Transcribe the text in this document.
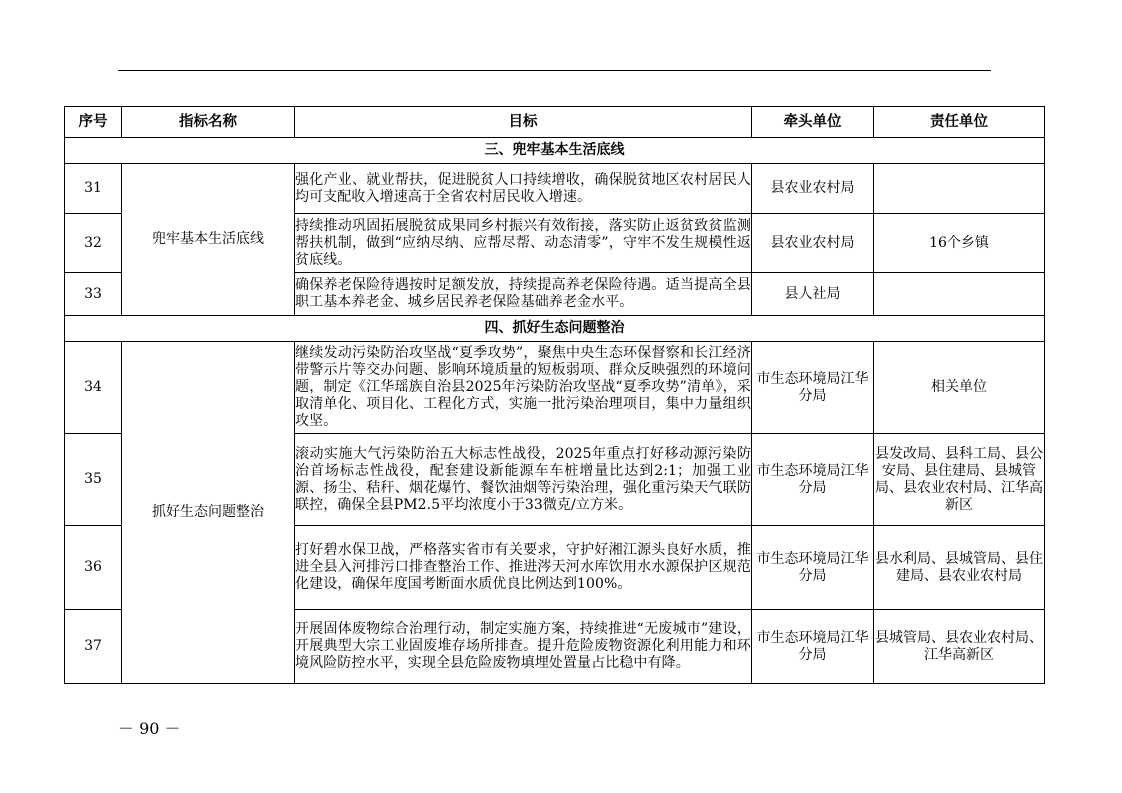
序号	指标名称	目标	牵头单位	责任单位
三、兜牢基本生活底线				
31	兜牢基本生活底线	强化产业、就业帮扶，促进脱贫人口持续增收，确保脱贫地区农村居民人均可支配收入增速高于全省农村居民收入增速。	县农业农村局	
32		持续推动巩固拓展脱贫成果同乡村振兴有效衔接，落实防止返贫致贫监测帮扶机制，做到“应纳尽纳、应帮尽帮、动态清零”，守牢不发生规模性返贫底线。	县农业农村局	16个乡镇
33		确保养老保险待遇按时足额发放，持续提高养老保险待遇。适当提高全县职工基本养老金、城乡居民养老保险基础养老金水平。	县人社局	
四、抓好生态问题整治				
34	抓好生态问题整治	继续发动污染防治攻坚战“夏季攻势”，聚焦中央生态环保督察和长江经济带警示片等交办问题、影响环境质量的短板弱项、群众反映强烈的环境问题，制定《江华瑶族自治县2025年污染防治攻坚战“夏季攻势”清单》，采取清单化、项目化、工程化方式，实施一批污染治理项目，集中力量组织攻坚。	市生态环境局江华分局	相关单位
35		滚动实施大气污染防治五大标志性战役，2025年重点打好移动源污染防治首场标志性战役，配套建设新能源车车桩增量比达到2:1；加强工业源、扬尘、秸秆、烟花爆竹、餐饮油烟等污染治理，强化重污染天气联防联控，确保全县PM2.5平均浓度小于33微克/立方米。	市生态环境局江华分局	县发改局、县科工局、县公安局、县住建局、县城管局、县农业农村局、江华高新区
36		打好碧水保卫战，严格落实省市有关要求，守护好湘江源头良好水质，推进全县入河排污口排查整治工作、推进涔天河水库饮用水水源保护区规范化建设，确保年度国考断面水质优良比例达到100%。	市生态环境局江华分局	县水利局、县城管局、县住建局、县农业农村局
37		开展固体废物综合治理行动，制定实施方案，持续推进“无废城市”建设，开展典型大宗工业固废堆存场所排查。提升危险废物资源化利用能力和环境风险防控水平，实现全县危险废物填埋处置量占比稳中有降。	市生态环境局江华分局	县城管局、县农业农村局、江华高新区
－ 90 －
